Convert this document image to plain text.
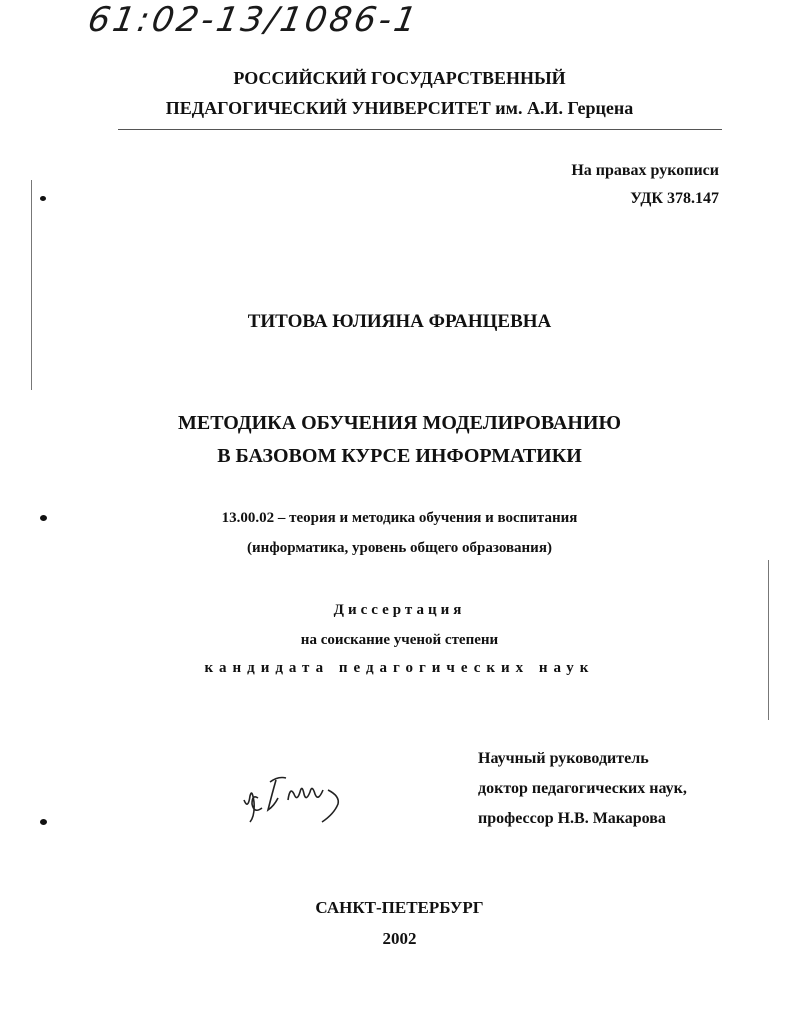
61:02-13/1086-1
РОССИЙСКИЙ ГОСУДАРСТВЕННЫЙ
ПЕДАГОГИЧЕСКИЙ УНИВЕРСИТЕТ им. А.И. Герцена
На правах рукописи
УДК 378.147
ТИТОВА ЮЛИЯНА ФРАНЦЕВНА
МЕТОДИКА ОБУЧЕНИЯ МОДЕЛИРОВАНИЮ
В БАЗОВОМ КУРСЕ ИНФОРМАТИКИ
13.00.02 – теория и методика обучения и воспитания
(информатика, уровень общего образования)
Диссертация
на соискание ученой степени
кандидата педагогических наук
Научный руководитель
доктор педагогических наук,
профессор Н.В. Макарова
САНКТ-ПЕТЕРБУРГ
2002
